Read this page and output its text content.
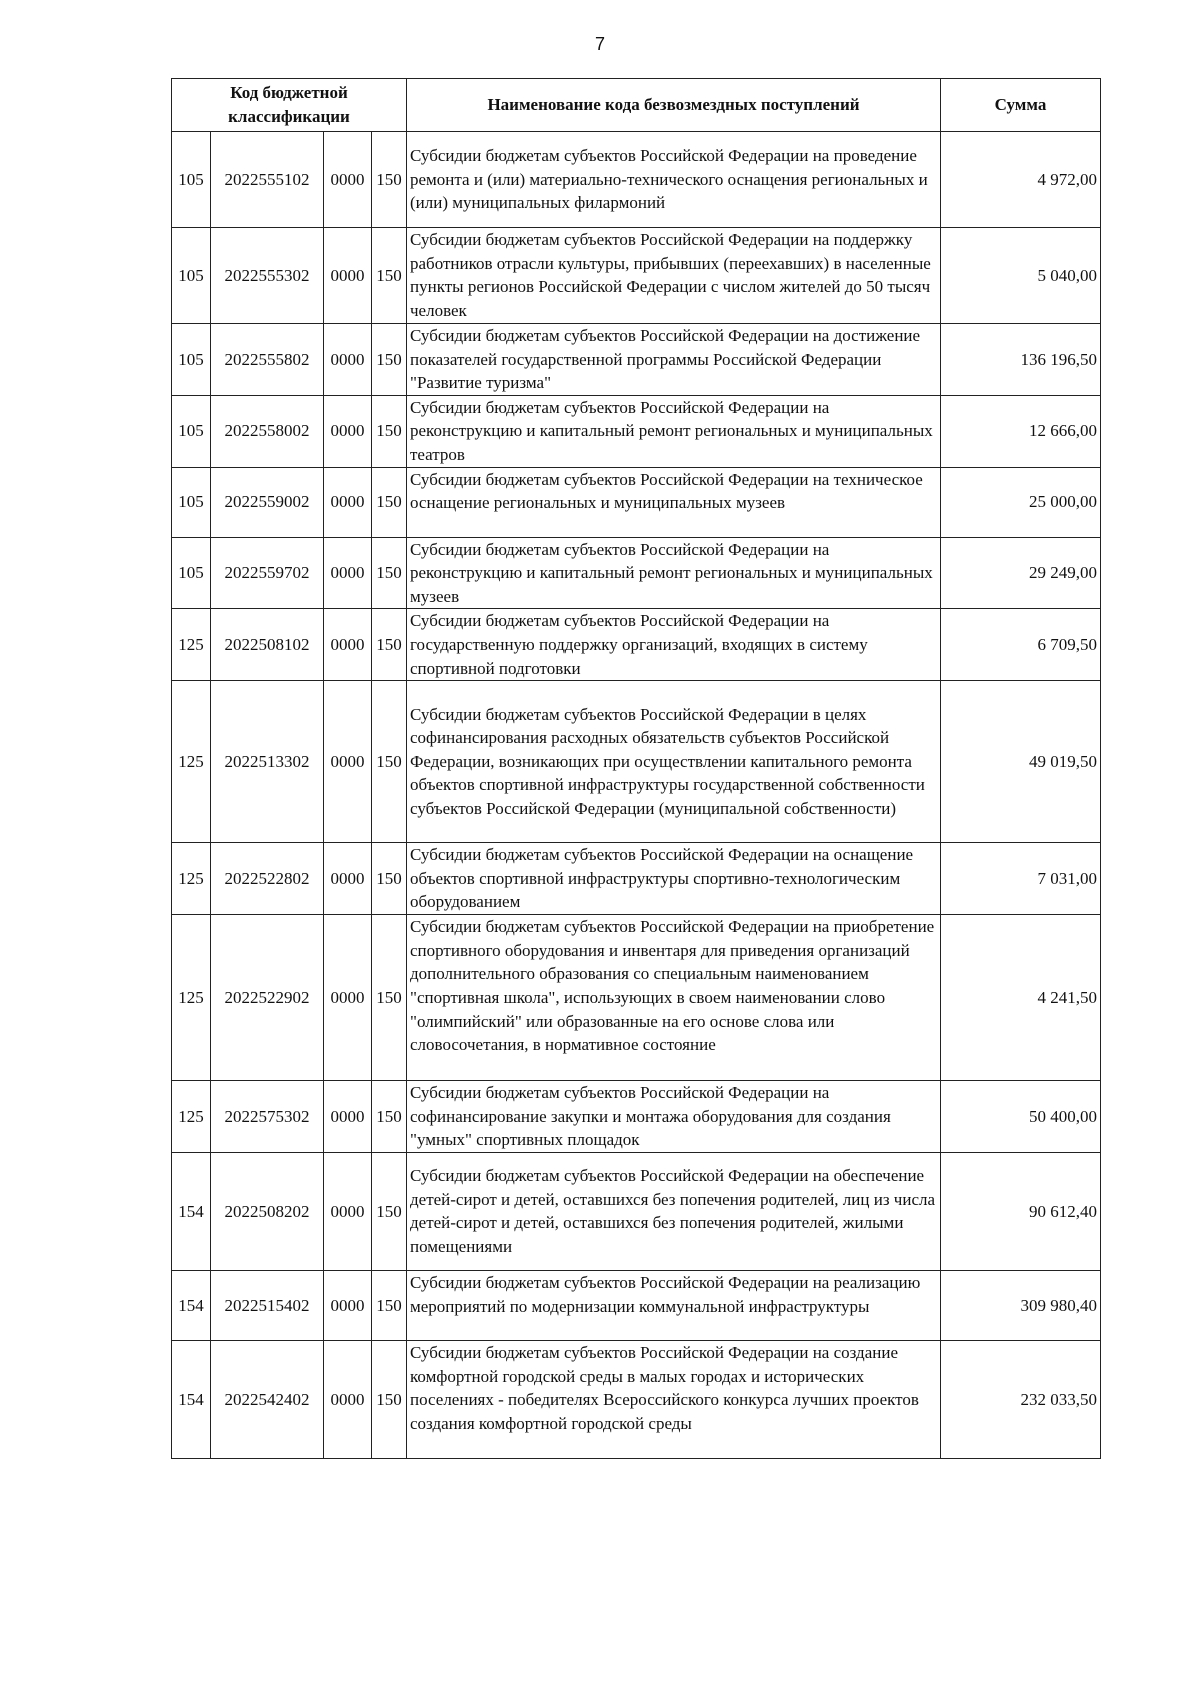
7
Код бюджетной классификации				Наименование кода безвозмездных поступлений	Сумма
105	2022555102	0000	150	Субсидии бюджетам субъектов Российской Федерации на проведение ремонта и (или) материально-технического оснащения региональных и (или) муниципальных филармоний	4 972,00
105	2022555302	0000	150	Субсидии бюджетам субъектов Российской Федерации на поддержку работников отрасли культуры, прибывших (переехавших) в населенные пункты регионов Российской Федерации с числом жителей до 50 тысяч человек	5 040,00
105	2022555802	0000	150	Субсидии бюджетам субъектов Российской Федерации на достижение показателей государственной программы Российской Федерации "Развитие туризма"	136 196,50
105	2022558002	0000	150	Субсидии бюджетам субъектов Российской Федерации на реконструкцию и капитальный ремонт региональных и муниципальных театров	12 666,00
105	2022559002	0000	150	Субсидии бюджетам субъектов Российской Федерации на техническое оснащение региональных и муниципальных музеев	25 000,00
105	2022559702	0000	150	Субсидии бюджетам субъектов Российской Федерации на реконструкцию и капитальный ремонт региональных и муниципальных музеев	29 249,00
125	2022508102	0000	150	Субсидии бюджетам субъектов Российской Федерации на государственную поддержку организаций, входящих в систему спортивной подготовки	6 709,50
125	2022513302	0000	150	Субсидии бюджетам субъектов Российской Федерации в целях софинансирования расходных обязательств субъектов Российской Федерации, возникающих при осуществлении капитального ремонта объектов спортивной инфраструктуры государственной собственности субъектов Российской Федерации (муниципальной собственности)	49 019,50
125	2022522802	0000	150	Субсидии бюджетам субъектов Российской Федерации на оснащение объектов спортивной инфраструктуры спортивно-технологическим оборудованием	7 031,00
125	2022522902	0000	150	Субсидии бюджетам субъектов Российской Федерации на приобретение спортивного оборудования и инвентаря для приведения организаций дополнительного образования со специальным наименованием "спортивная школа", использующих в своем наименовании слово "олимпийский" или образованные на его основе слова или словосочетания, в нормативное состояние	4 241,50
125	2022575302	0000	150	Субсидии бюджетам субъектов Российской Федерации на софинансирование закупки и монтажа оборудования для создания "умных" спортивных площадок	50 400,00
154	2022508202	0000	150	Субсидии бюджетам субъектов Российской Федерации на обеспечение детей-сирот и детей, оставшихся без попечения родителей, лиц из числа детей-сирот и детей, оставшихся без попечения родителей, жилыми помещениями	90 612,40
154	2022515402	0000	150	Субсидии бюджетам субъектов Российской Федерации на реализацию мероприятий по модернизации коммунальной инфраструктуры	309 980,40
154	2022542402	0000	150	Субсидии бюджетам субъектов Российской Федерации на создание комфортной городской среды в малых городах и исторических поселениях - победителях Всероссийского конкурса лучших проектов создания комфортной городской среды	232 033,50
